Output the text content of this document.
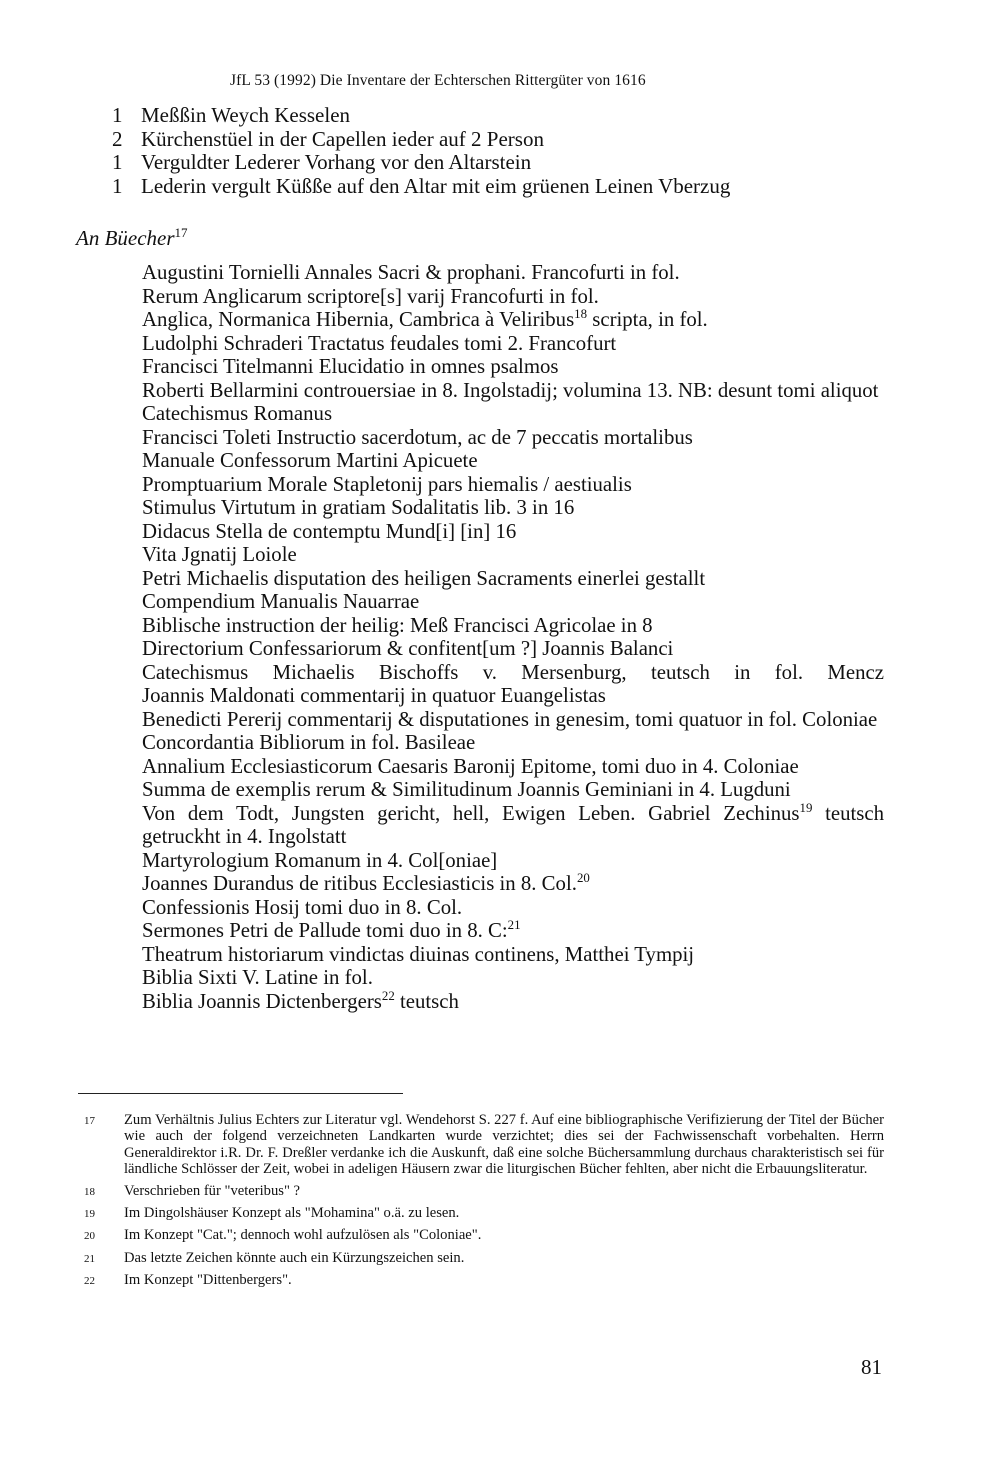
JfL 53 (1992) Die Inventare der Echterschen Rittergüter von 1616
1 Meßßin Weych Kesselen
2 Kürchenstüel in der Capellen ieder auf 2 Person
1 Verguldter Lederer Vorhang vor den Altarstein
1 Lederin vergult Küßße auf den Altar mit eim grüenen Leinen Vberzug
An Büecher$^{17}$
Augustini Tornielli Annales Sacri & prophani. Francofurti in fol.
Rerum Anglicarum scriptore[s] varij Francofurti in fol.
Anglica, Normanica Hibernia, Cambrica à Veliribus$^{18}$ scripta, in fol.
Ludolphi Schraderi Tractatus feudales tomi 2. Francofurt
Francisci Titelmanni Elucidatio in omnes psalmos
Roberti Bellarmini controuersiae in 8. Ingolstadij; volumina 13. NB: desunt tomi aliquot
Catechismus Romanus
Francisci Toleti Instructio sacerdotum, ac de 7 peccatis mortalibus
Manuale Confessorum Martini Apicuete
Promptuarium Morale Stapletonij pars hiemalis / aestiualis
Stimulus Virtutum in gratiam Sodalitatis lib. 3 in 16
Didacus Stella de contemptu Mund[i] [in] 16
Vita Jgnatij Loiole
Petri Michaelis disputation des heiligen Sacraments einerlei gestallt
Compendium Manualis Nauarrae
Biblische instruction der heilig: Meß Francisci Agricolae in 8
Directorium Confessariorum & confitent[um ?] Joannis Balanci
Catechismus Michaelis Bischoffs v. Mersenburg, teutsch in fol. Mencz
Joannis Maldonati commentarij in quatuor Euangelistas
Benedicti Pererij commentarij & disputationes in genesim, tomi quatuor in fol. Coloniae
Concordantia Bibliorum in fol. Basileae
Annalium Ecclesiasticorum Caesaris Baronij Epitome, tomi duo in 4. Coloniae
Summa de exemplis rerum & Similitudinum Joannis Geminiani in 4. Lugduni
Von dem Todt, Jungsten gericht, hell, Ewigen Leben. Gabriel Zechinus$^{19}$ teutsch getruckht in 4. Ingolstatt
Martyrologium Romanum in 4. Col[oniae]
Joannes Durandus de ritibus Ecclesiasticis in 8. Col.$^{20}$
Confessionis Hosij tomi duo in 8. Col.
Sermones Petri de Pallude tomi duo in 8. C:$^{21}$
Theatrum historiarum vindictas diuinas continens, Matthei Tympij
Biblia Sixti V. Latine in fol.
Biblia Joannis Dictenbergers$^{22}$ teutsch
17	Zum Verhältnis Julius Echters zur Literatur vgl. Wendehorst S. 227 f. Auf eine bibliographische Verifizierung der Titel der Bücher wie auch der folgend verzeichneten Landkarten wurde verzichtet; dies sei der Fachwissenschaft vorbehalten. Herrn Generaldirektor i.R. Dr. F. Dreßler verdanke ich die Auskunft, daß eine solche Büchersammlung durchaus charakteristisch sei für ländliche Schlösser der Zeit, wobei in adeligen Häusern zwar die liturgischen Bücher fehlten, aber nicht die Erbauungsliteratur.
18	Verschrieben für "veteribus" ?
19	Im Dingolshäuser Konzept als "Mohamina" o.ä. zu lesen.
20	Im Konzept "Cat."; dennoch wohl aufzulösen als "Coloniae".
21	Das letzte Zeichen könnte auch ein Kürzungszeichen sein.
22	Im Konzept "Dittenbergers".
81
